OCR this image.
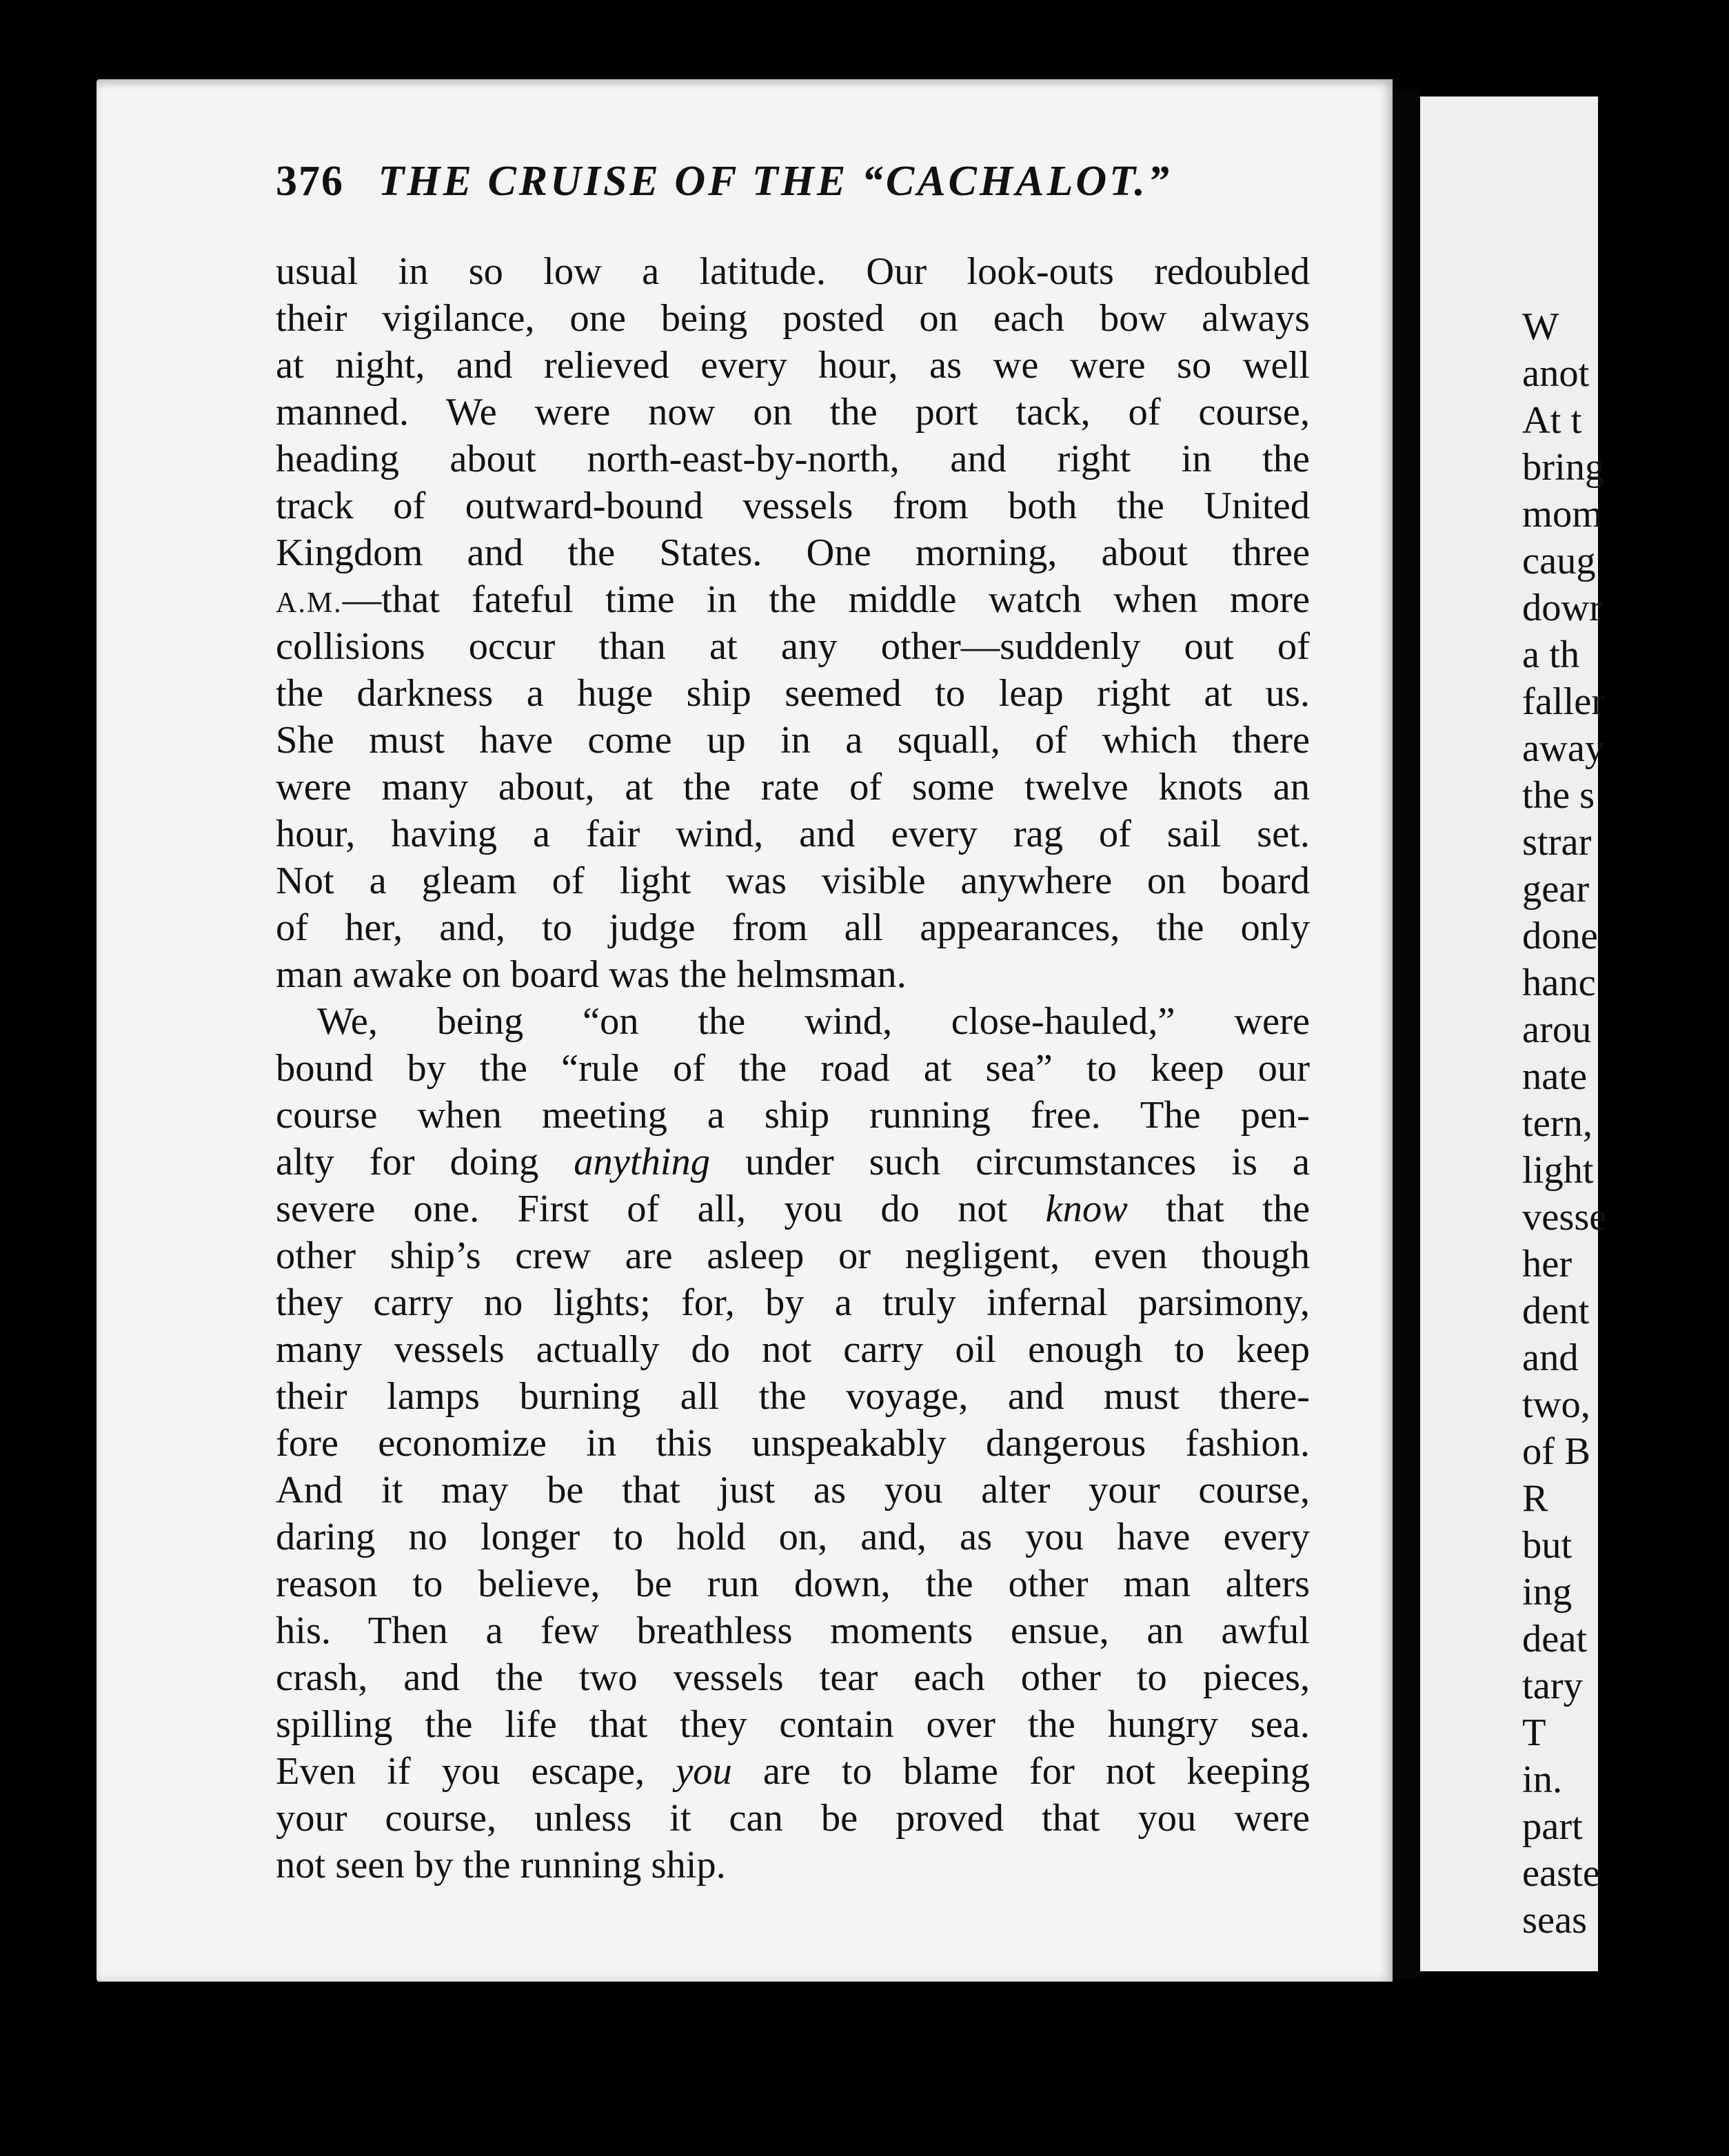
W
anot
At t
bring
mom
caug
dowr
a th
faller
away
the s
strar
gear
done
hanc
arou
nate
tern,
light
vesse
her
dent
and
two,
of B
R
but
ing
deat
tary
T
in.
part
easte
seas
376 THE CRUISE OF THE “CACHALOT.”
usual in so low a latitude. Our look-outs redoubled
their vigilance, one being posted on each bow always
at night, and relieved every hour, as we were so well
manned. We were now on the port tack, of course,
heading about north-east-by-north, and right in the
track of outward-bound vessels from both the United
Kingdom and the States. One morning, about three
A.M.—that fateful time in the middle watch when more
collisions occur than at any other—suddenly out of
the darkness a huge ship seemed to leap right at us.
She must have come up in a squall, of which there
were many about, at the rate of some twelve knots an
hour, having a fair wind, and every rag of sail set.
Not a gleam of light was visible anywhere on board
of her, and, to judge from all appearances, the only
man awake on board was the helmsman.
We, being “on the wind, close-hauled,” were
bound by the “rule of the road at sea” to keep our
course when meeting a ship running free. The pen-
alty for doing anything under such circumstances is a
severe one. First of all, you do not know that the
other ship’s crew are asleep or negligent, even though
they carry no lights; for, by a truly infernal parsimony,
many vessels actually do not carry oil enough to keep
their lamps burning all the voyage, and must there-
fore economize in this unspeakably dangerous fashion.
And it may be that just as you alter your course,
daring no longer to hold on, and, as you have every
reason to believe, be run down, the other man alters
his. Then a few breathless moments ensue, an awful
crash, and the two vessels tear each other to pieces,
spilling the life that they contain over the hungry sea.
Even if you escape, you are to blame for not keeping
your course, unless it can be proved that you were
not seen by the running ship.
